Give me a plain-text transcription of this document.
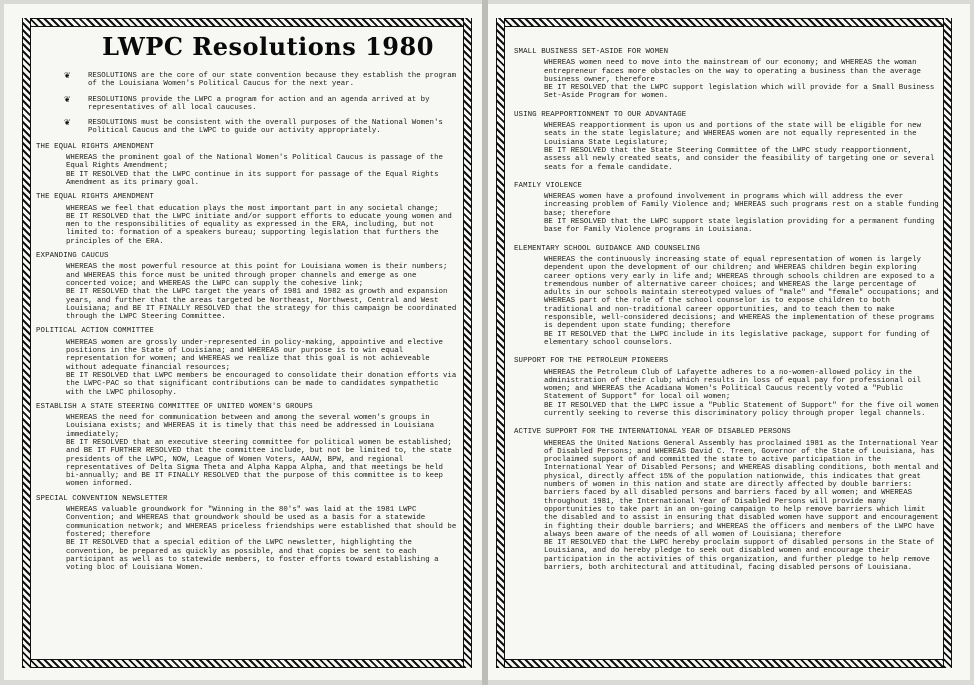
LWPC Resolutions 1980
❦ RESOLUTIONS are the core of our state convention because they establish the program of the Louisiana Women's Political Caucus for the next year.
❦ RESOLUTIONS provide the LWPC a program for action and an agenda arrived at by representatives of all local caucuses.
❦ RESOLUTIONS must be consistent with the overall purposes of the National Women's Political Caucus and the LWPC to guide our activity appropriately.
THE EQUAL RIGHTS AMENDMENT
WHEREAS the prominent goal of the National Women's Political Caucus is passage of the Equal Rights Amendment;
BE IT RESOLVED that the LWPC continue in its support for passage of the Equal Rights Amendment as its primary goal.
THE EQUAL RIGHTS AMENDMENT
WHEREAS we feel that education plays the most important part in any societal change;
BE IT RESOLVED that the LWPC initiate and/or support efforts to educate young women and men to the responsibilities of equality as expressed in the ERA, including, but not limited to: formation of a speakers bureau; supporting legislation that furthers the principles of the ERA.
EXPANDING CAUCUS
WHEREAS the most powerful resource at this point for Louisiana women is their numbers; and WHEREAS this force must be united through proper channels and emerge as one concerted voice; and WHEREAS the LWPC can supply the cohesive link;
BE IT RESOLVED that the LWPC target the years of 1981 and 1982 as growth and expansion years, and further that the areas targeted be Northeast, Northwest, Central and West Louisiana; and BE IT FINALLY RESOLVED that the strategy for this campaign be coordinated through the LWPC Steering Committee.
POLITICAL ACTION COMMITTEE
WHEREAS women are grossly under-represented in policy-making, appointive and elective positions in the State of Louisiana; and WHEREAS our purpose is to win equal representation for women; and WHEREAS we realize that this goal is not achieveable without adequate financial resources;
BE IT RESOLVED that LWPC members be encouraged to consolidate their donation efforts via the LWPC-PAC so that significant contributions can be made to candidates sympathetic with the LWPC philosophy.
ESTABLISH A STATE STEERING COMMITTEE OF UNITED WOMEN'S GROUPS
WHEREAS the need for communication between and among the several women's groups in Louisiana exists; and WHEREAS it is timely that this need be addressed in Louisiana immediately;
BE IT RESOLVED that an executive steering committee for political women be established; and BE IT FURTHER RESOLVED that the committee include, but not be limited to, the state presidents of the LWPC, NOW, League of Women Voters, AAUW, BPW, and regional representatives of Delta Sigma Theta and Alpha Kappa Alpha, and that meetings be held bi-annually; and BE IT FINALLY RESOLVED that the purpose of this committee is to keep women informed.
SPECIAL CONVENTION NEWSLETTER
WHEREAS valuable groundwork for "Winning in the 80's" was laid at the 1981 LWPC Convention; and WHEREAS that groundwork should be used as a basis for a statewide communication network; and WHEREAS priceless friendships were established that should be fostered; therefore
BE IT RESOLVED that a special edition of the LWPC newsletter, highlighting the convention, be prepared as quickly as possible, and that copies be sent to each participant as well as to statewide members, to foster efforts toward establishing a voting bloc of Louisiana Women.
SMALL BUSINESS SET-ASIDE FOR WOMEN
WHEREAS women need to move into the mainstream of our economy; and WHEREAS the woman entrepreneur faces more obstacles on the way to operating a business than the average business owner, therefore
BE IT RESOLVED that the LWPC support legislation which will provide for a Small Business Set-Aside Program for women.
USING REAPPORTIONMENT TO OUR ADVANTAGE
WHEREAS reapportionment is upon us and portions of the state will be eligible for new seats in the state legislature; and WHEREAS women are not equally represented in the Louisiana State Legislature;
BE IT RESOLVED that the State Steering Committee of the LWPC study reapportionment, assess all newly created seats, and consider the feasibility of targeting one or several seats for a female candidate.
FAMILY VIOLENCE
WHEREAS women have a profound involvement in programs which will address the ever increasing problem of Family Violence and; WHEREAS such programs rest on a stable funding base; therefore
BE IT RESOLVED that the LWPC support state legislation providing for a permanent funding base for Family Violence programs in Louisiana.
ELEMENTARY SCHOOL GUIDANCE AND COUNSELING
WHEREAS the continuously increasing state of equal representation of women is largely dependent upon the development of our children; and WHEREAS children begin exploring career options very early in life and; WHEREAS through schools children are exposed to a tremendous number of alternative career choices; and WHEREAS the large percentage of adults in our schools maintain stereotyped values of "male" and "female" occupations; and WHEREAS part of the role of the school counselor is to expose children to both traditional and non-traditional career opportunities, and to teach them to make responsible, well-considered decisions; and WHEREAS the implementation of these programs is dependent upon state funding; therefore
BE IT RESOLVED that the LWPC include in its legislative package, support for funding of elementary school counselors.
SUPPORT FOR THE PETROLEUM PIONEERS
WHEREAS the Petroleum Club of Lafayette adheres to a no-women-allowed policy in the administration of their club; which results in loss of equal pay for professional oil women; and WHEREAS the Acadiana Women's Political Caucus recently voted a "Public Statement of Support" for local oil women;
BE IT RESOLVED that the LWPC issue a "Public Statement of Support" for the five oil women currently seeking to reverse this discriminatory policy through proper legal channels.
ACTIVE SUPPORT FOR THE INTERNATIONAL YEAR OF DISABLED PERSONS
WHEREAS the United Nations General Assembly has proclaimed 1981 as the International Year of Disabled Persons; and WHEREAS David C. Treen, Governor of the State of Louisiana, has proclaimed support of and committed the state to active participation in the International Year of Disabled Persons; and WHEREAS disabling conditions, both mental and physical, directly affect 15% of the population nationwide, this indicates that great numbers of women in this nation and state are directly affected by double barriers: barriers faced by all disabled persons and barriers faced by all women; and WHEREAS throughout 1981, the International Year of Disabled Persons will provide many opportunities to take part in an on-going campaign to help remove barriers which limit the disabled and to assist in ensuring that disabled women have support and encouragement in fighting their double barriers; and WHEREAS the officers and members of the LWPC have always been aware of the needs of all women of Louisiana; therefore
BE IT RESOLVED that the LWPC hereby proclaim support of disabled persons in the State of Louisiana, and do hereby pledge to seek out disabled women and encourage their participation in the activities of this organization, and further pledge to help remove barriers, both architectural and attitudinal, facing disabled persons of Louisiana.
